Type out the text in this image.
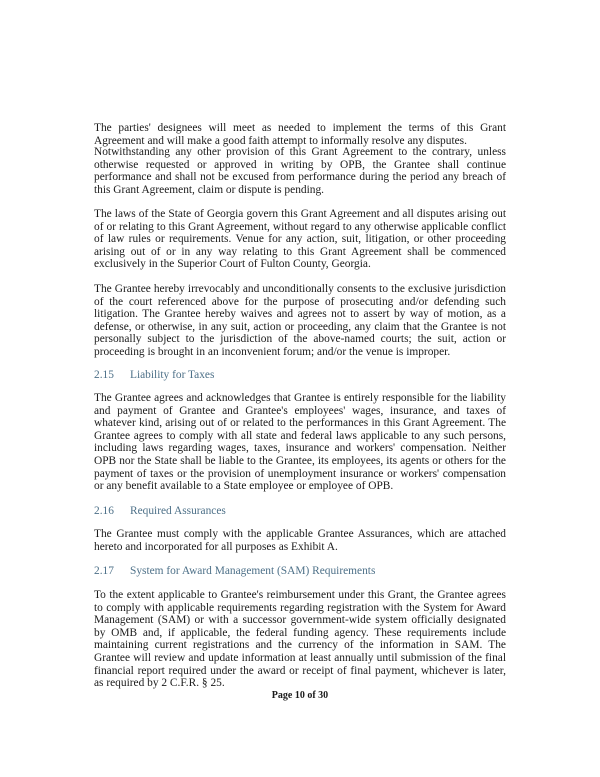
The parties' designees will meet as needed to implement the terms of this Grant Agreement and will make a good faith attempt to informally resolve any disputes.

Notwithstanding any other provision of this Grant Agreement to the contrary, unless otherwise requested or approved in writing by OPB, the Grantee shall continue performance and shall not be excused from performance during the period any breach of this Grant Agreement, claim or dispute is pending.

The laws of the State of Georgia govern this Grant Agreement and all disputes arising out of or relating to this Grant Agreement, without regard to any otherwise applicable conflict of law rules or requirements. Venue for any action, suit, litigation, or other proceeding arising out of or in any way relating to this Grant Agreement shall be commenced exclusively in the Superior Court of Fulton County, Georgia.

The Grantee hereby irrevocably and unconditionally consents to the exclusive jurisdiction of the court referenced above for the purpose of prosecuting and/or defending such litigation. The Grantee hereby waives and agrees not to assert by way of motion, as a defense, or otherwise, in any suit, action or proceeding, any claim that the Grantee is not personally subject to the jurisdiction of the above-named courts; the suit, action or proceeding is brought in an inconvenient forum; and/or the venue is improper.

2.15 Liability for Taxes

The Grantee agrees and acknowledges that Grantee is entirely responsible for the liability and payment of Grantee and Grantee's employees' wages, insurance, and taxes of whatever kind, arising out of or related to the performances in this Grant Agreement. The Grantee agrees to comply with all state and federal laws applicable to any such persons, including laws regarding wages, taxes, insurance and workers' compensation. Neither OPB nor the State shall be liable to the Grantee, its employees, its agents or others for the payment of taxes or the provision of unemployment insurance or workers' compensation or any benefit available to a State employee or employee of OPB.

2.16 Required Assurances

The Grantee must comply with the applicable Grantee Assurances, which are attached hereto and incorporated for all purposes as Exhibit A.

2.17 System for Award Management (SAM) Requirements

To the extent applicable to Grantee's reimbursement under this Grant, the Grantee agrees to comply with applicable requirements regarding registration with the System for Award Management (SAM) or with a successor government-wide system officially designated by OMB and, if applicable, the federal funding agency. These requirements include maintaining current registrations and the currency of the information in SAM. The Grantee will review and update information at least annually until submission of the final financial report required under the award or receipt of final payment, whichever is later, as required by 2 C.F.R. § 25.

Page 10 of 30
